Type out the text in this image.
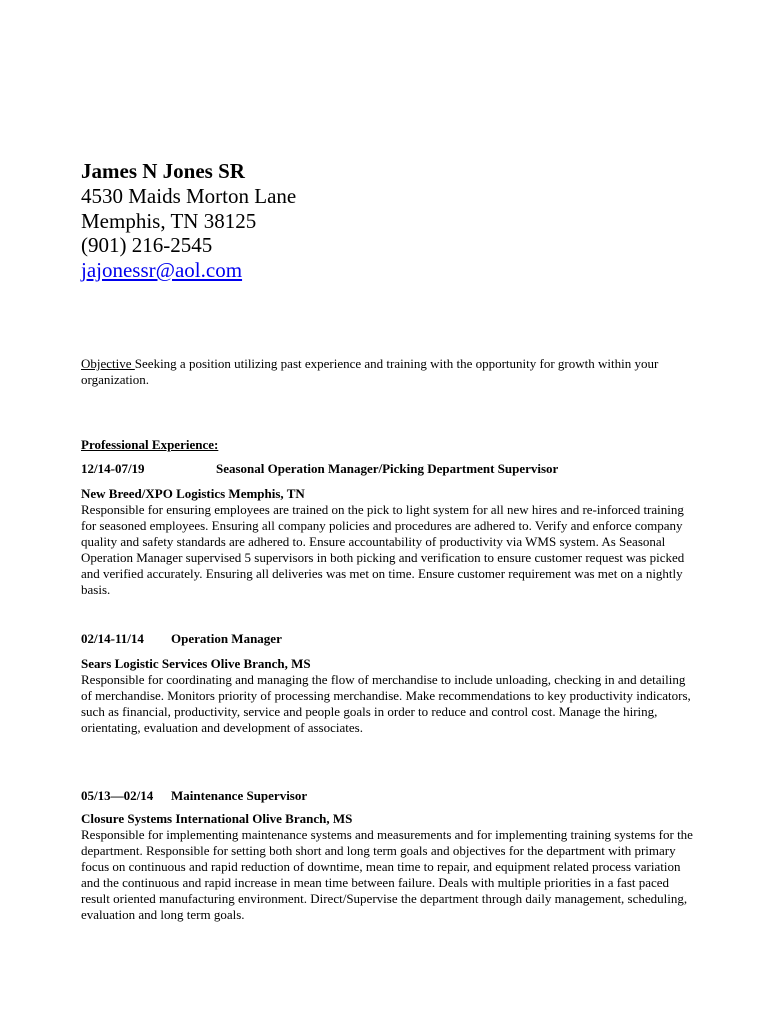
James N Jones SR
4530 Maids Morton Lane
Memphis, TN 38125
(901) 216-2545
jajonessr@aol.com
Objective Seeking a position utilizing past experience and training with the opportunity for growth within your organization.
Professional Experience:
12/14-07/19	Seasonal Operation Manager/Picking Department Supervisor
New Breed/XPO Logistics Memphis, TN
Responsible for ensuring employees are trained on the pick to light system for all new hires and re-inforced training for seasoned employees. Ensuring all company policies and procedures are adhered to. Verify and enforce company quality and safety standards are adhered to. Ensure accountability of productivity via WMS system. As Seasonal Operation Manager supervised 5 supervisors in both picking and verification to ensure customer request was picked and verified accurately. Ensuring all deliveries was met on time. Ensure customer requirement was met on a nightly basis.
02/14-11/14 Operation Manager
Sears Logistic Services Olive Branch, MS
Responsible for coordinating and managing the flow of merchandise to include unloading, checking in and detailing of merchandise. Monitors priority of processing merchandise. Make recommendations to key productivity indicators, such as financial, productivity, service and people goals in order to reduce and control cost. Manage the hiring, orientating, evaluation and development of associates.
05/13—02/14 Maintenance Supervisor
Closure Systems International Olive Branch, MS
Responsible for implementing maintenance systems and measurements and for implementing training systems for the department. Responsible for setting both short and long term goals and objectives for the department with primary focus on continuous and rapid reduction of downtime, mean time to repair, and equipment related process variation and the continuous and rapid increase in mean time between failure. Deals with multiple priorities in a fast paced result oriented manufacturing environment. Direct/Supervise the department through daily management, scheduling, evaluation and long term goals.
